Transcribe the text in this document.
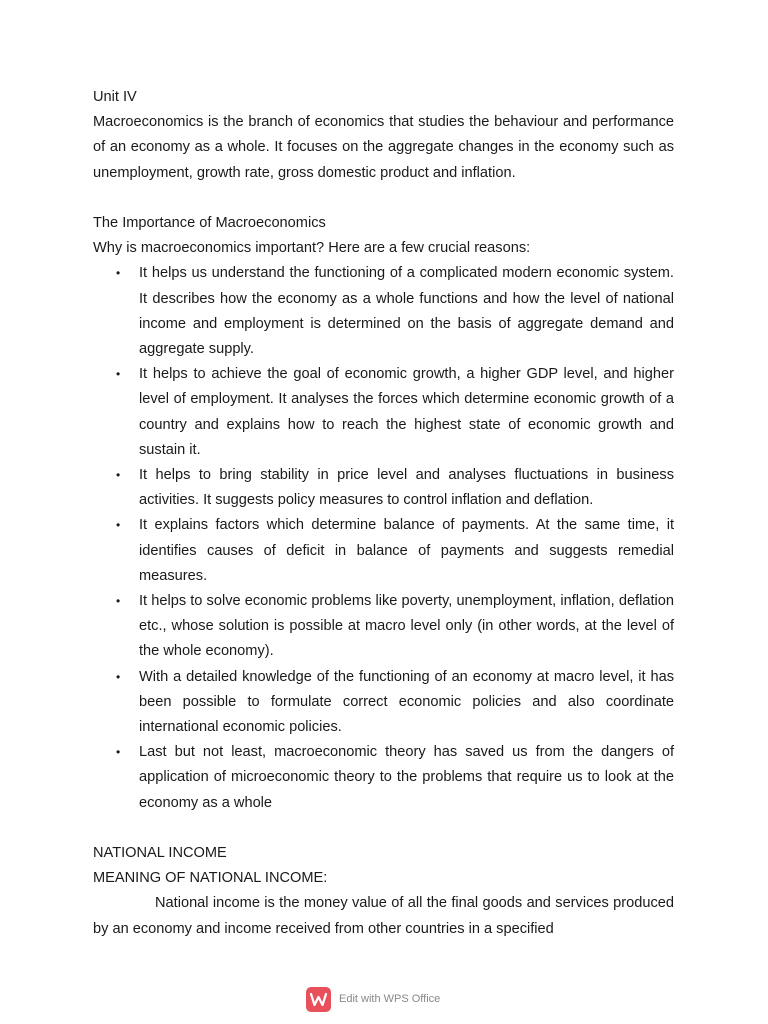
Unit IV

Macroeconomics is the branch of economics that studies the behaviour and performance of an economy as a whole. It focuses on the aggregate changes in the economy such as unemployment, growth rate, gross domestic product and inflation.

The Importance of Macroeconomics

Why is macroeconomics important? Here are a few crucial reasons:

• It helps us understand the functioning of a complicated modern economic system. It describes how the economy as a whole functions and how the level of national income and employment is determined on the basis of aggregate demand and aggregate supply.
• It helps to achieve the goal of economic growth, a higher GDP level, and higher level of employment. It analyses the forces which determine economic growth of a country and explains how to reach the highest state of economic growth and sustain it.
• It helps to bring stability in price level and analyses fluctuations in business activities. It suggests policy measures to control inflation and deflation.
• It explains factors which determine balance of payments. At the same time, it identifies causes of deficit in balance of payments and suggests remedial measures.
• It helps to solve economic problems like poverty, unemployment, inflation, deflation etc., whose solution is possible at macro level only (in other words, at the level of the whole economy).
• With a detailed knowledge of the functioning of an economy at macro level, it has been possible to formulate correct economic policies and also coordinate international economic policies.
• Last but not least, macroeconomic theory has saved us from the dangers of application of microeconomic theory to the problems that require us to look at the economy as a whole

NATIONAL INCOME

MEANING OF NATIONAL INCOME:

National income is the money value of all the final goods and services produced by an economy and income received from other countries in a specified

Edit with WPS Office
